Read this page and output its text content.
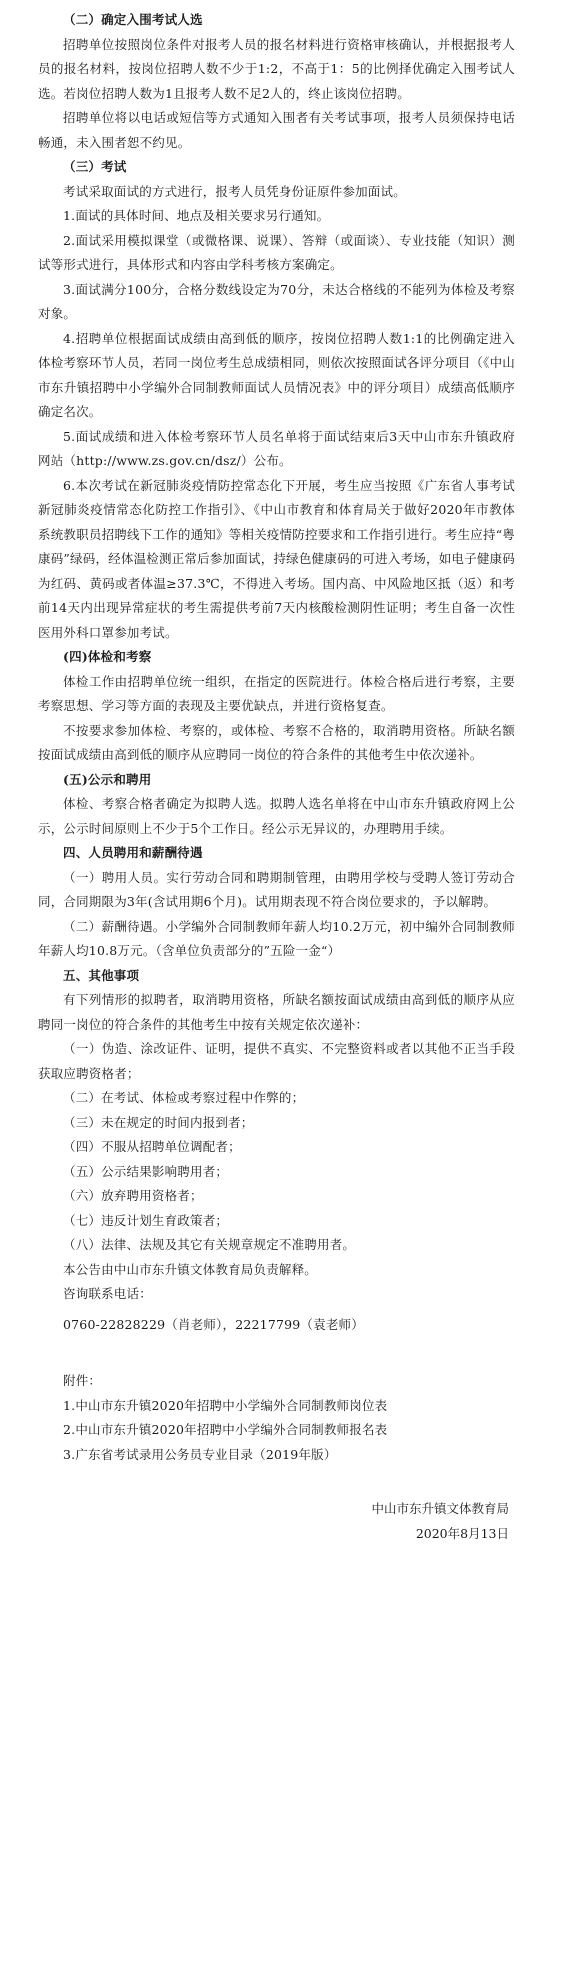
（二）确定入围考试人选

招聘单位按照岗位条件对报考人员的报名材料进行资格审核确认，并根据报考人员的报名材料，按岗位招聘人数不少于1:2，不高于1：5的比例择优确定入围考试人选。若岗位招聘人数为1且报考人数不足2人的，终止该岗位招聘。

招聘单位将以电话或短信等方式通知入围者有关考试事项，报考人员须保持电话畅通，未入围者恕不约见。

（三）考试

考试采取面试的方式进行，报考人员凭身份证原件参加面试。

1.面试的具体时间、地点及相关要求另行通知。

2.面试采用模拟课堂（或微格课、说课）、答辩（或面谈）、专业技能（知识）测试等形式进行，具体形式和内容由学科考核方案确定。

3.面试满分100分，合格分数线设定为70分，未达合格线的不能列为体检及考察对象。

4.招聘单位根据面试成绩由高到低的顺序，按岗位招聘人数1:1的比例确定进入体检考察环节人员，若同一岗位考生总成绩相同，则依次按照面试各评分项目（《中山市东升镇招聘中小学编外合同制教师面试人员情况表》中的评分项目）成绩高低顺序确定名次。

5.面试成绩和进入体检考察环节人员名单将于面试结束后3天中山市东升镇政府网站（http://www.zs.gov.cn/dsz/）公布。

6.本次考试在新冠肺炎疫情防控常态化下开展，考生应当按照《广东省人事考试新冠肺炎疫情常态化防控工作指引》、《中山市教育和体育局关于做好2020年市教体系统教职员招聘线下工作的通知》等相关疫情防控要求和工作指引进行。考生应持“粤康码”绿码，经体温检测正常后参加面试，持绿色健康码的可进入考场，如电子健康码为红码、黄码或者体温≥37.3℃，不得进入考场。国内高、中风险地区抵（返）和考前14天内出现异常症状的考生需提供考前7天内核酸检测阴性证明；考生自备一次性医用外科口罩参加考试。

(四)体检和考察

体检工作由招聘单位统一组织，在指定的医院进行。体检合格后进行考察，主要考察思想、学习等方面的表现及主要优缺点，并进行资格复查。

不按要求参加体检、考察的，或体检、考察不合格的，取消聘用资格。所缺名额按面试成绩由高到低的顺序从应聘同一岗位的符合条件的其他考生中依次递补。

(五)公示和聘用

体检、考察合格者确定为拟聘人选。拟聘人选名单将在中山市东升镇政府网上公示，公示时间原则上不少于5个工作日。经公示无异议的，办理聘用手续。

四、人员聘用和薪酬待遇

（一）聘用人员。实行劳动合同和聘期制管理，由聘用学校与受聘人签订劳动合同，合同期限为3年(含试用期6个月)。试用期表现不符合岗位要求的，予以解聘。

（二）薪酬待遇。小学编外合同制教师年薪人均10.2万元，初中编外合同制教师年薪人均10.8万元。（含单位负责部分的”五险一金“）

五、其他事项

有下列情形的拟聘者，取消聘用资格，所缺名额按面试成绩由高到低的顺序从应聘同一岗位的符合条件的其他考生中按有关规定依次递补：

（一）伪造、涂改证件、证明，提供不真实、不完整资料或者以其他不正当手段获取应聘资格者；

（二）在考试、体检或考察过程中作弊的；

（三）未在规定的时间内报到者；

（四）不服从招聘单位调配者；

（五）公示结果影响聘用者；

（六）放弃聘用资格者；

（七）违反计划生育政策者；

（八）法律、法规及其它有关规章规定不准聘用者。

本公告由中山市东升镇文体教育局负责解释。

咨询联系电话：

0760-22828229（肖老师），22217799（袁老师）

附件：

1.中山市东升镇2020年招聘中小学编外合同制教师岗位表

2.中山市东升镇2020年招聘中小学编外合同制教师报名表

3.广东省考试录用公务员专业目录（2019年版）

中山市东升镇文体教育局

2020年8月13日
